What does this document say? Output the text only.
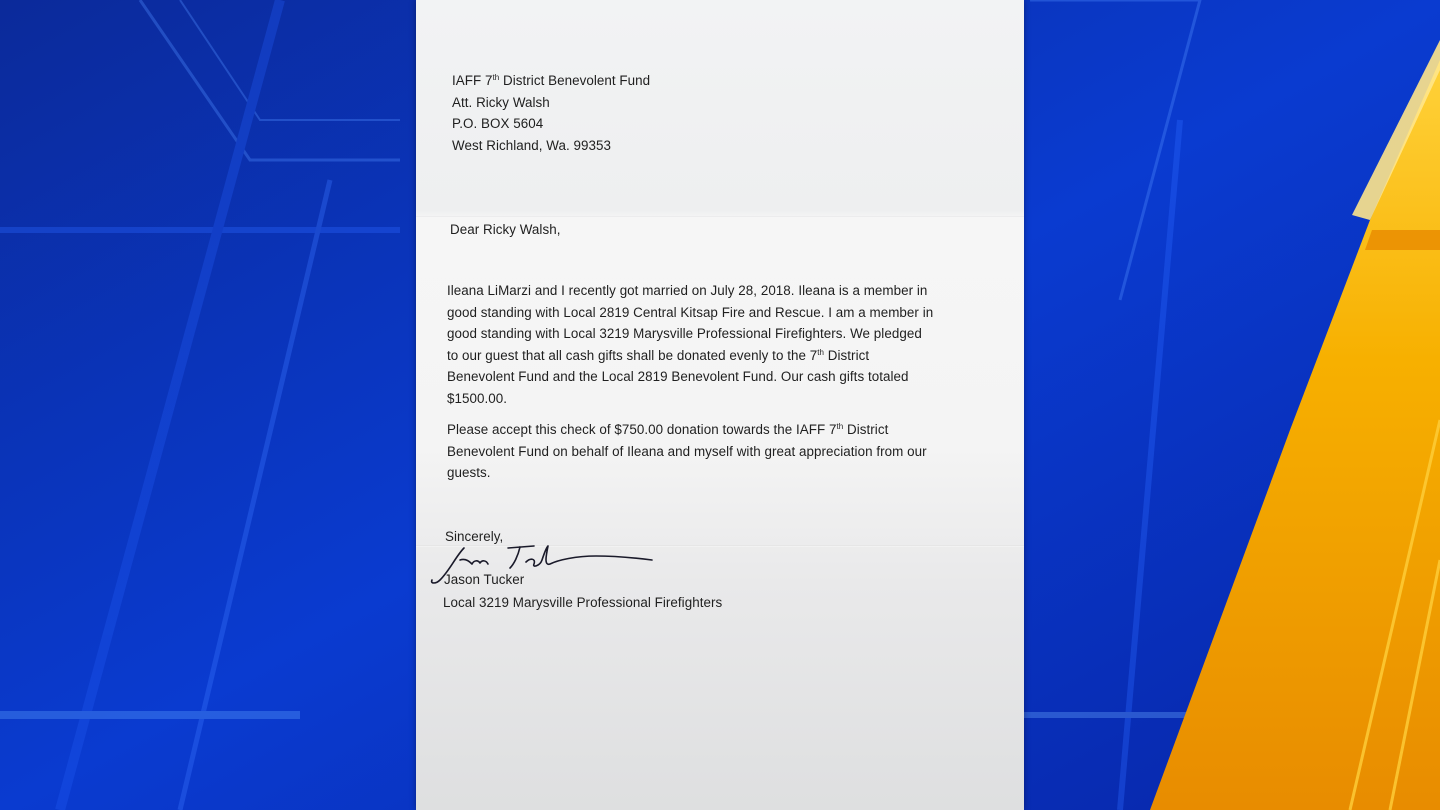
IAFF 7th District Benevolent Fund
Att. Ricky Walsh
P.O. BOX 5604
West Richland, Wa. 99353
Dear Ricky Walsh,
Ileana LiMarzi and I recently got married on July 28, 2018. Ileana is a member in
good standing with Local 2819 Central Kitsap Fire and Rescue. I am a member in
good standing with Local 3219 Marysville Professional Firefighters. We pledged
to our guest that all cash gifts shall be donated evenly to the 7th District
Benevolent Fund and the Local 2819 Benevolent Fund. Our cash gifts totaled
$1500.00.
Please accept this check of $750.00 donation towards the IAFF 7th District
Benevolent Fund on behalf of Ileana and myself with great appreciation from our
guests.
Sincerely,
Jason Tucker
Local 3219 Marysville Professional Firefighters
